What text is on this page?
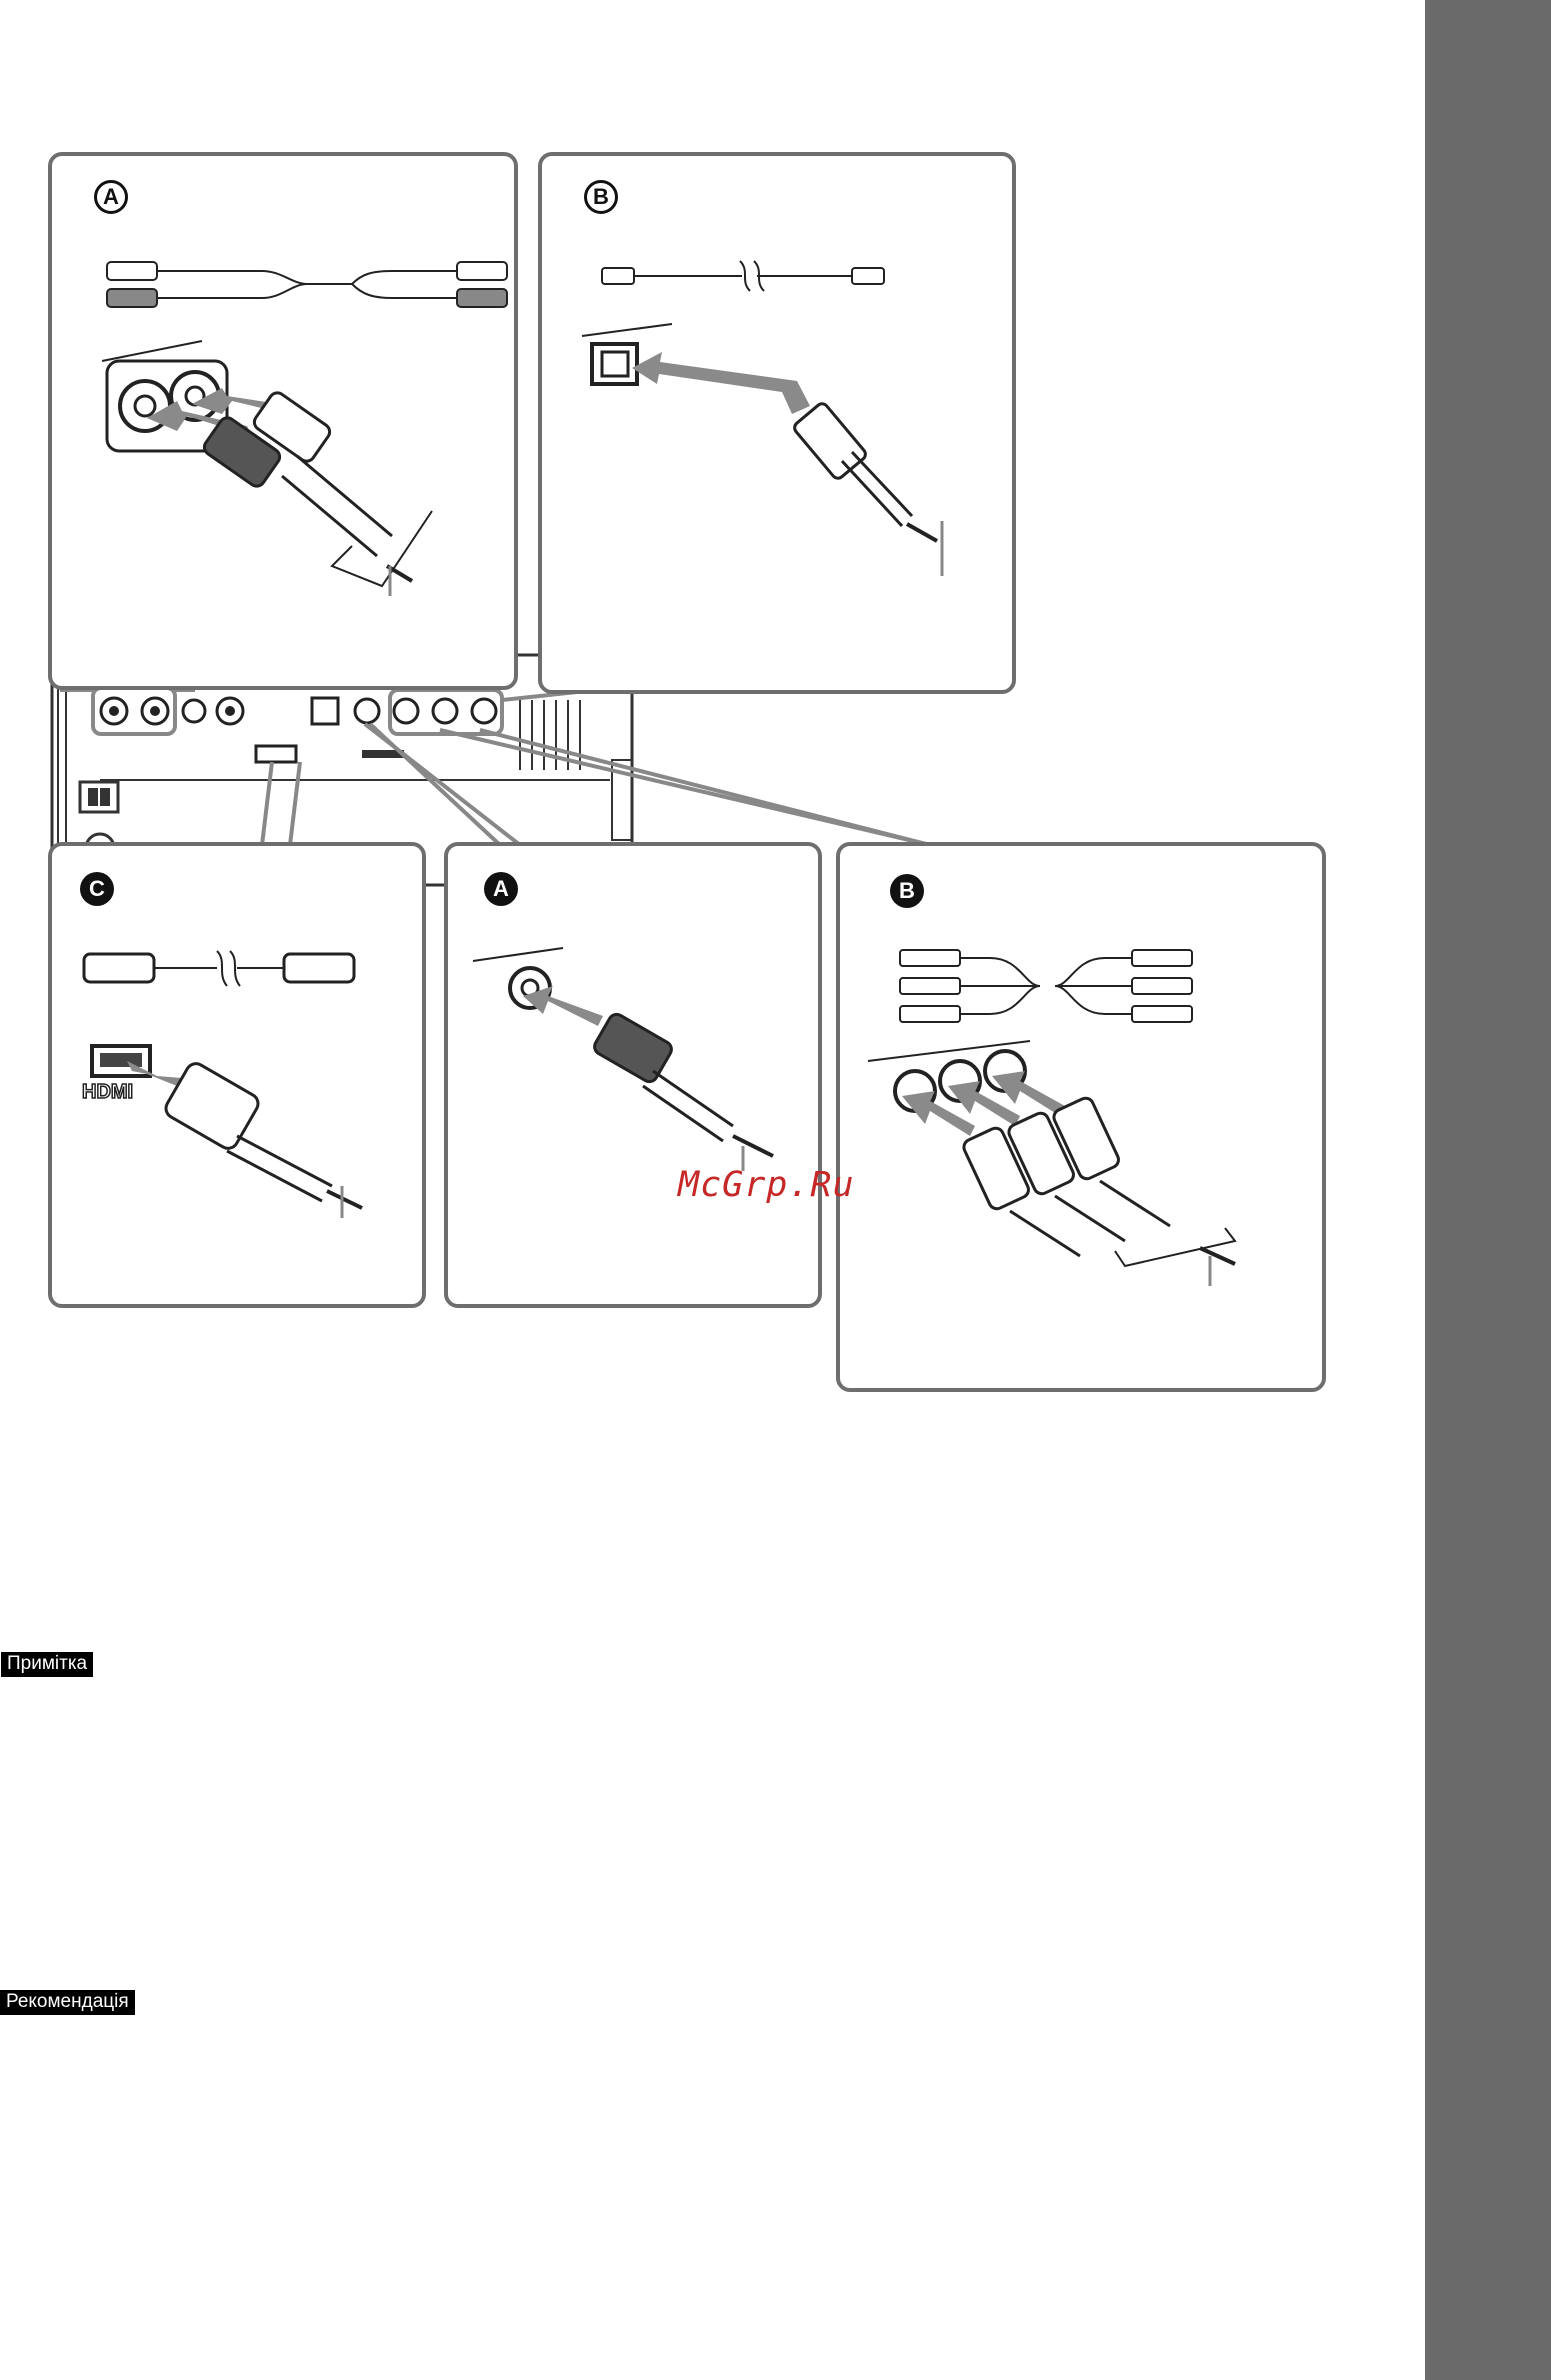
A	B
C
HDMI
A	B
McGrp.Ru
Примітка
Рекомендація
